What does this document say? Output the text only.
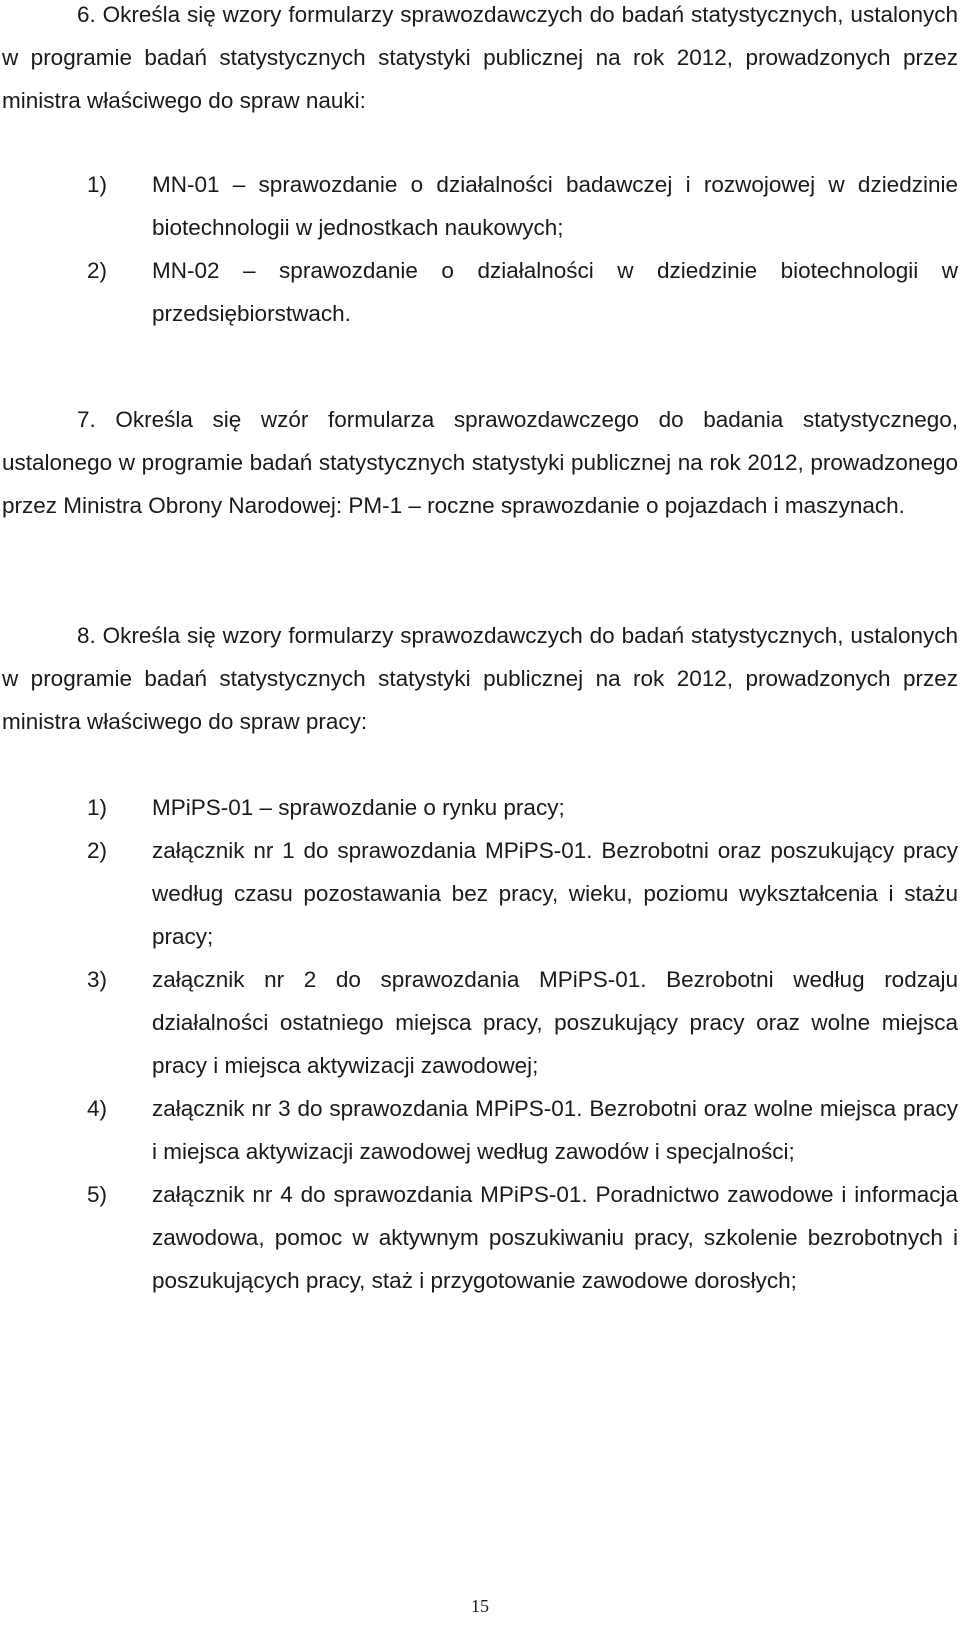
6. Określa się wzory formularzy sprawozdawczych do badań statystycznych, ustalonych w programie badań statystycznych statystyki publicznej na rok 2012, prowadzonych przez ministra właściwego do spraw nauki:

1) MN-01 – sprawozdanie o działalności badawczej i rozwojowej w dziedzinie biotechnologii w jednostkach naukowych;
2) MN-02 – sprawozdanie o działalności w dziedzinie biotechnologii w przedsiębiorstwach.

7. Określa się wzór formularza sprawozdawczego do badania statystycznego, ustalonego w programie badań statystycznych statystyki publicznej na rok 2012, prowadzonego przez Ministra Obrony Narodowej: PM-1 – roczne sprawozdanie o pojazdach i maszynach.

8. Określa się wzory formularzy sprawozdawczych do badań statystycznych, ustalonych w programie badań statystycznych statystyki publicznej na rok 2012, prowadzonych przez ministra właściwego do spraw pracy:

1) MPiPS-01 – sprawozdanie o rynku pracy;
2) załącznik nr 1 do sprawozdania MPiPS-01. Bezrobotni oraz poszukujący pracy według czasu pozostawania bez pracy, wieku, poziomu wykształcenia i stażu pracy;
3) załącznik nr 2 do sprawozdania MPiPS-01. Bezrobotni według rodzaju działalności ostatniego miejsca pracy, poszukujący pracy oraz wolne miejsca pracy i miejsca aktywizacji zawodowej;
4) załącznik nr 3 do sprawozdania MPiPS-01. Bezrobotni oraz wolne miejsca pracy i miejsca aktywizacji zawodowej według zawodów i specjalności;
5) załącznik nr 4 do sprawozdania MPiPS-01. Poradnictwo zawodowe i informacja zawodowa, pomoc w aktywnym poszukiwaniu pracy, szkolenie bezrobotnych i poszukujących pracy, staż i przygotowanie zawodowe dorosłych;
15
